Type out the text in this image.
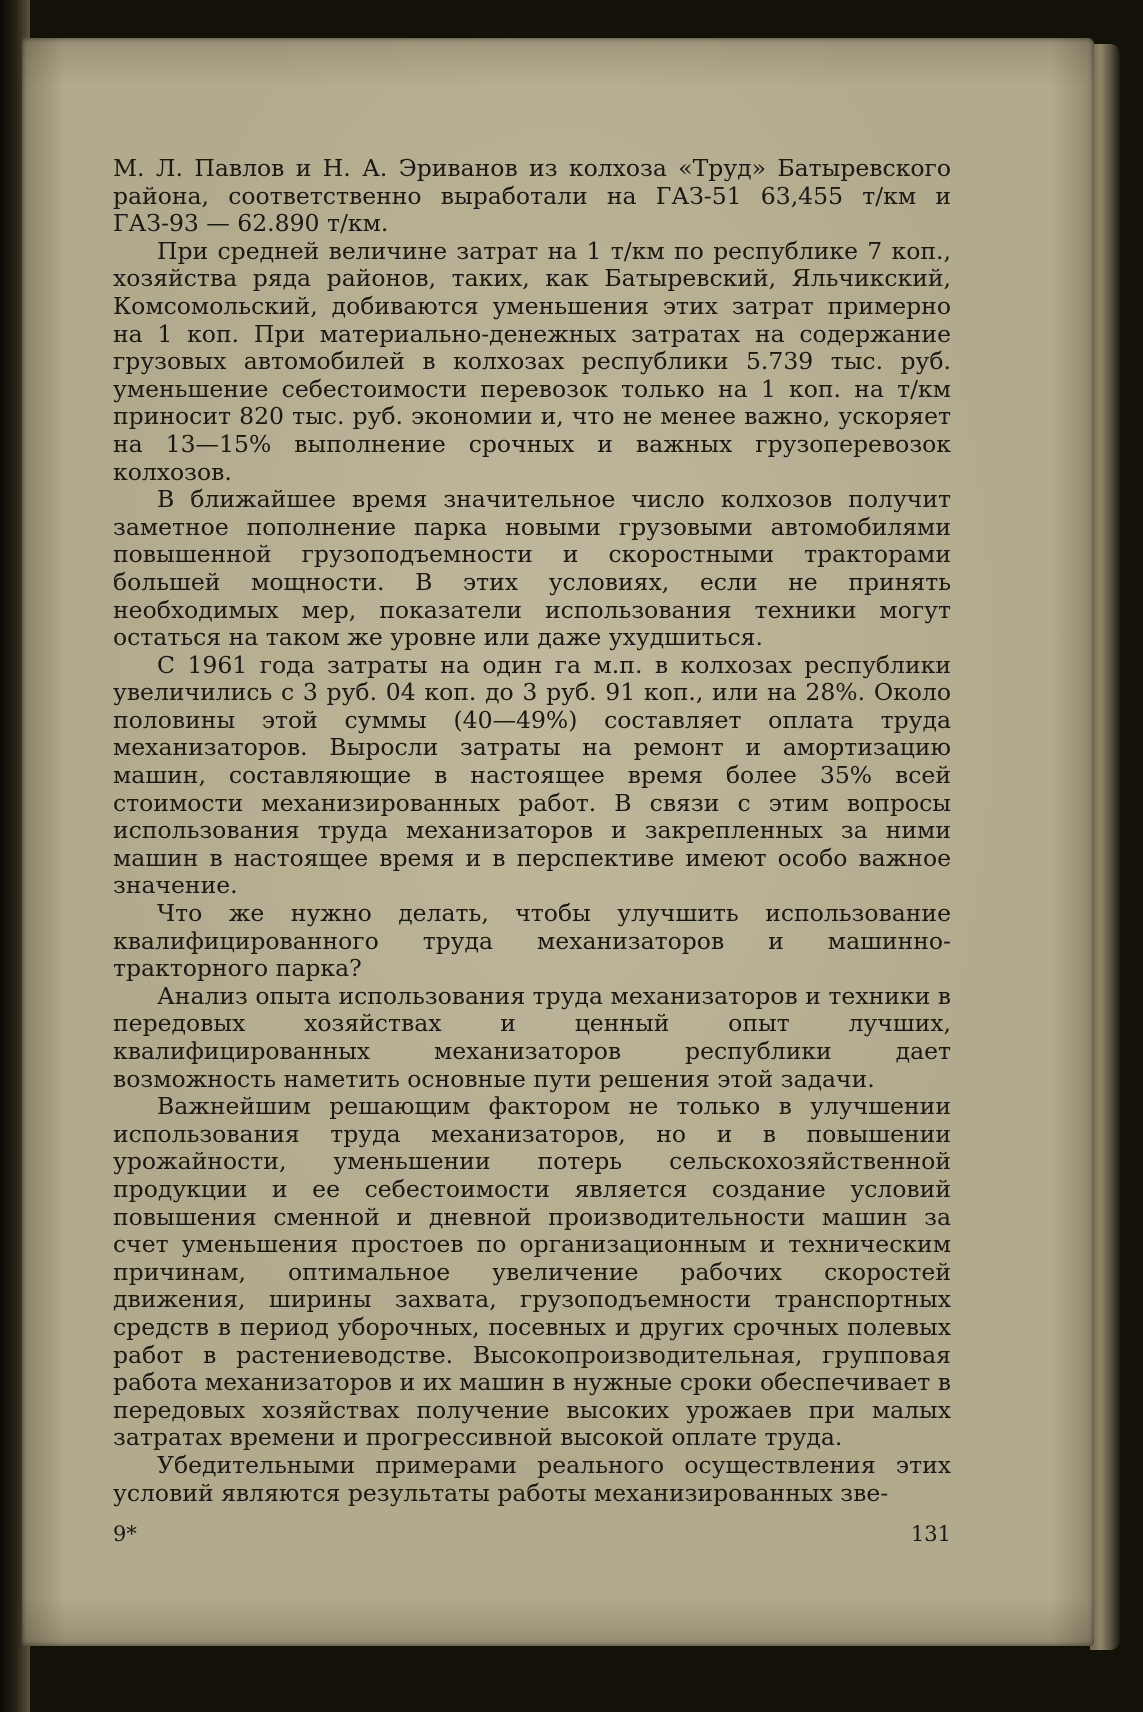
М. Л. Павлов и Н. А. Эриванов из колхоза «Труд» Батыревского района, соответственно выработали на ГАЗ-51 63,455 т/км и ГАЗ-93 — 62.890 т/км.

При средней величине затрат на 1 т/км по республике 7 коп., хозяйства ряда районов, таких, как Батыревский, Яльчикский, Комсомольский, добиваются уменьшения этих затрат примерно на 1 коп. При материально-денежных затратах на содержание грузовых автомобилей в колхозах республики 5.739 тыс. руб. уменьшение себестоимости перевозок только на 1 коп. на т/км приносит 820 тыс. руб. экономии и, что не менее важно, ускоряет на 13—15% выполнение срочных и важных грузоперевозок колхозов.

В ближайшее время значительное число колхозов получит заметное пополнение парка новыми грузовыми автомобилями повышенной грузоподъемности и скоростными тракторами большей мощности. В этих условиях, если не принять необходимых мер, показатели использования техники могут остаться на таком же уровне или даже ухудшиться.

С 1961 года затраты на один га м.п. в колхозах республики увеличились с 3 руб. 04 коп. до 3 руб. 91 коп., или на 28%. Около половины этой суммы (40—49%) составляет оплата труда механизаторов. Выросли затраты на ремонт и амортизацию машин, составляющие в настоящее время более 35% всей стоимости механизированных работ. В связи с этим вопросы использования труда механизаторов и закрепленных за ними машин в настоящее время и в перспективе имеют особо важное значение.

Что же нужно делать, чтобы улучшить использование квалифицированного труда механизаторов и машинно-тракторного парка?

Анализ опыта использования труда механизаторов и техники в передовых хозяйствах и ценный опыт лучших, квалифицированных механизаторов республики дает возможность наметить основные пути решения этой задачи.

Важнейшим решающим фактором не только в улучшении использования труда механизаторов, но и в повышении урожайности, уменьшении потерь сельскохозяйственной продукции и ее себестоимости является создание условий повышения сменной и дневной производительности машин за счет уменьшения простоев по организационным и техническим причинам, оптимальное увеличение рабочих скоростей движения, ширины захвата, грузоподъемности транспортных средств в период уборочных, посевных и других срочных полевых работ в растениеводстве. Высокопроизводительная, групповая работа механизаторов и их машин в нужные сроки обеспечивает в передовых хозяйствах получение высоких урожаев при малых затратах времени и прогрессивной высокой оплате труда.

Убедительными примерами реального осуществления этих условий являются результаты работы механизированных зве-

9*	131
